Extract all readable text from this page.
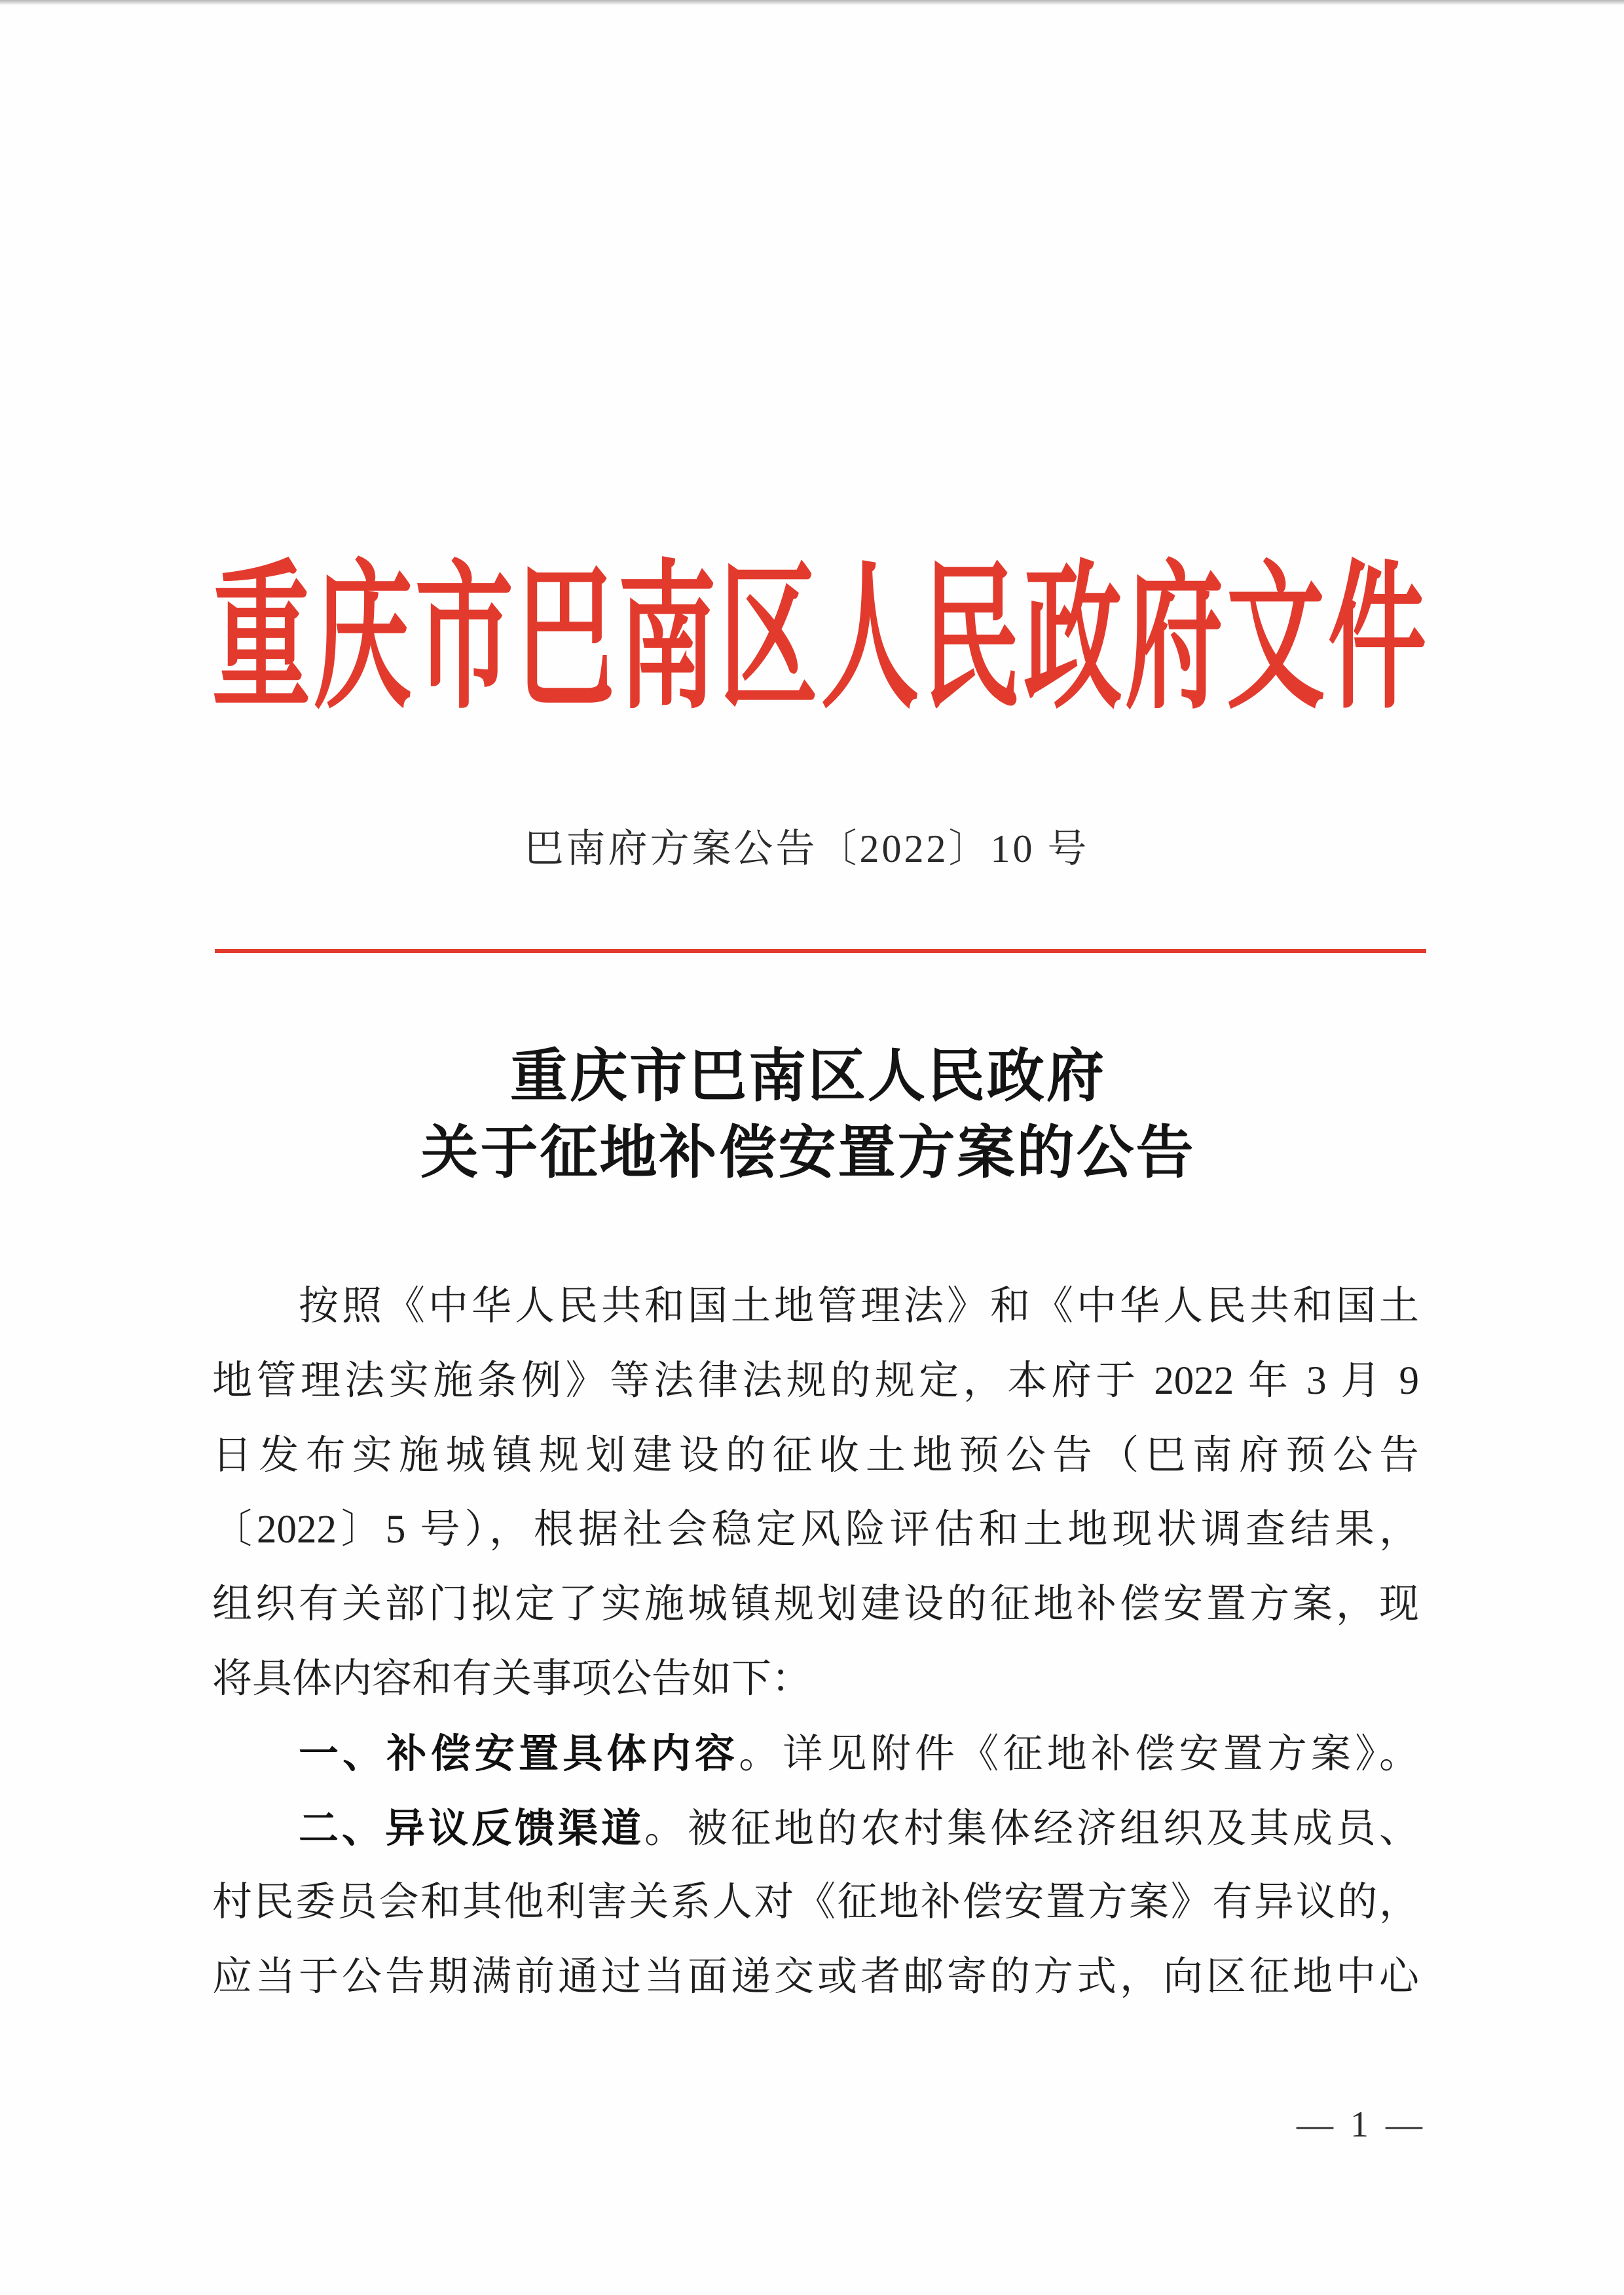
重庆市巴南区人民政府文件
巴南府方案公告〔2022〕10 号
重庆市巴南区人民政府
关于征地补偿安置方案的公告
按照《中华人民共和国土地管理法》和《中华人民共和国土
地管理法实施条例》等法律法规的规定，本府于 2022 年 3 月 9
日发布实施城镇规划建设的征收土地预公告（巴南府预公告
〔2022〕5 号），根据社会稳定风险评估和土地现状调查结果，
组织有关部门拟定了实施城镇规划建设的征地补偿安置方案，现
将具体内容和有关事项公告如下：
一、补偿安置具体内容。详见附件《征地补偿安置方案》。
二、异议反馈渠道。被征地的农村集体经济组织及其成员、
村民委员会和其他利害关系人对《征地补偿安置方案》有异议的，
应当于公告期满前通过当面递交或者邮寄的方式，向区征地中心
— 1 —
